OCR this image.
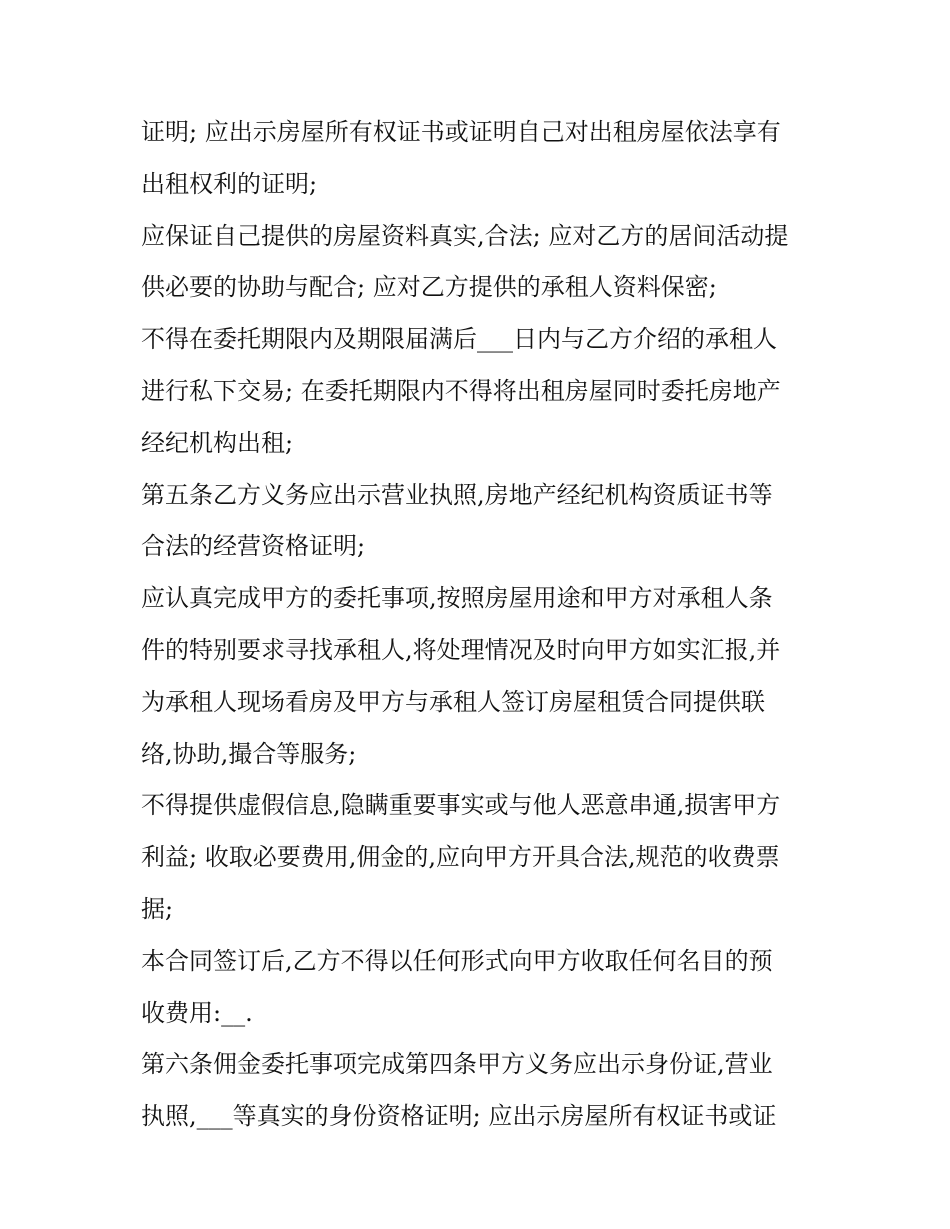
证明; 应出示房屋所有权证书或证明自己对出租房屋依法享有
出租权利的证明;
应保证自己提供的房屋资料真实,合法; 应对乙方的居间活动提
供必要的协助与配合; 应对乙方提供的承租人资料保密;
不得在委托期限内及期限届满后___日内与乙方介绍的承租人
进行私下交易; 在委托期限内不得将出租房屋同时委托房地产
经纪机构出租;
第五条乙方义务应出示营业执照,房地产经纪机构资质证书等
合法的经营资格证明;
应认真完成甲方的委托事项,按照房屋用途和甲方对承租人条
件的特别要求寻找承租人,将处理情况及时向甲方如实汇报,并
为承租人现场看房及甲方与承租人签订房屋租赁合同提供联
络,协助,撮合等服务;
不得提供虚假信息,隐瞒重要事实或与他人恶意串通,损害甲方
利益; 收取必要费用,佣金的,应向甲方开具合法,规范的收费票
据;
本合同签订后,乙方不得以任何形式向甲方收取任何名目的预
收费用:__.
第六条佣金委托事项完成第四条甲方义务应出示身份证,营业
执照,___等真实的身份资格证明; 应出示房屋所有权证书或证
